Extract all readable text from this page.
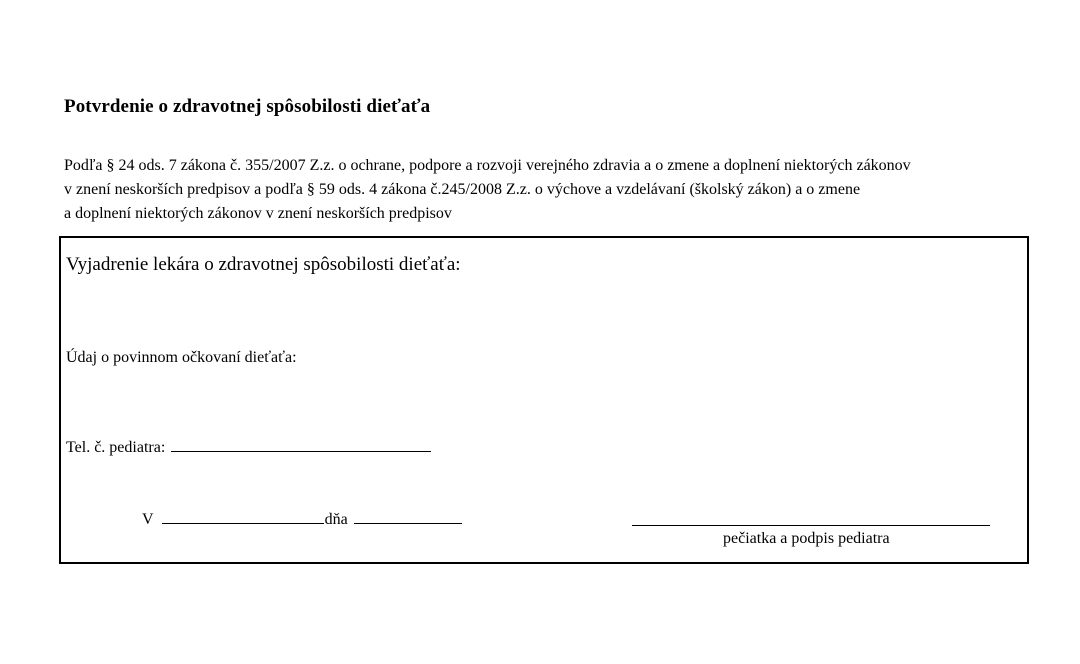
Potvrdenie o zdravotnej spôsobilosti dieťaťa
Podľa § 24 ods. 7 zákona č. 355/2007 Z.z. o ochrane, podpore a rozvoji verejného zdravia a o zmene a doplnení niektorých zákonov
v znení neskorších predpisov a podľa § 59 ods. 4 zákona č.245/2008 Z.z. o výchove a vzdelávaní (školský zákon) a o zmene
a doplnení niektorých zákonov v znení neskorších predpisov
Vyjadrenie lekára o zdravotnej spôsobilosti dieťaťa:
Údaj o povinnom očkovaní dieťaťa:
Tel. č. pediatra:
V	dňa
pečiatka a podpis pediatra
